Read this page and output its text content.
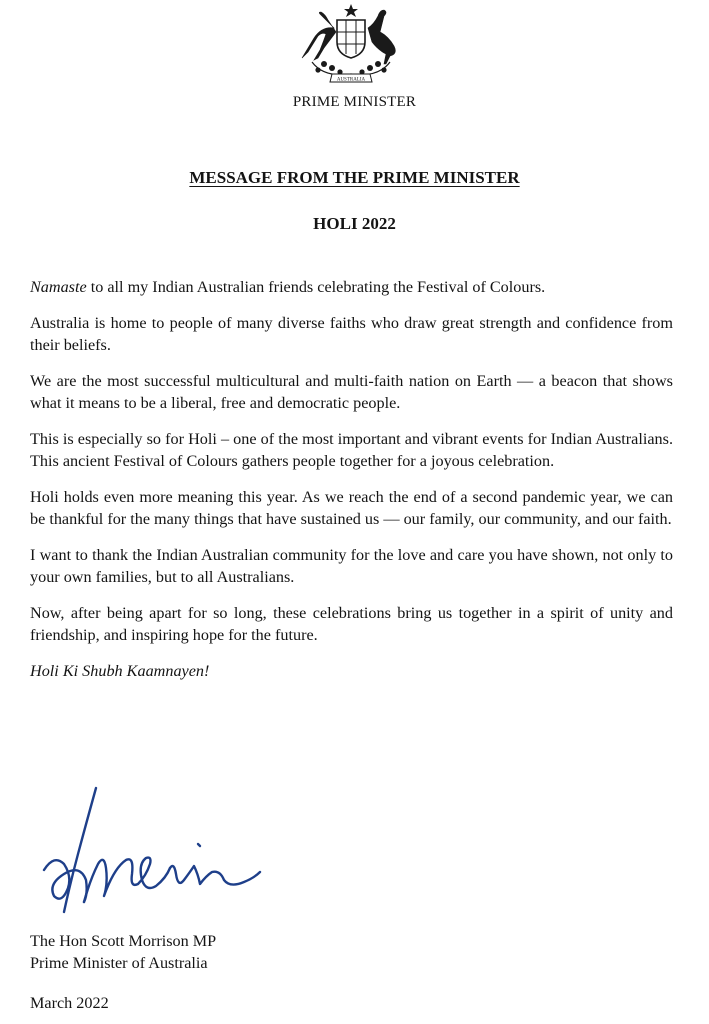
AUSTRALIA
PRIME MINISTER
MESSAGE FROM THE PRIME MINISTER
HOLI 2022

Namaste to all my Indian Australian friends celebrating the Festival of Colours.

Australia is home to people of many diverse faiths who draw great strength and confidence from their beliefs.

We are the most successful multicultural and multi-faith nation on Earth — a beacon that shows what it means to be a liberal, free and democratic people.

This is especially so for Holi – one of the most important and vibrant events for Indian Australians. This ancient Festival of Colours gathers people together for a joyous celebration.

Holi holds even more meaning this year. As we reach the end of a second pandemic year, we can be thankful for the many things that have sustained us — our family, our community, and our faith.

I want to thank the Indian Australian community for the love and care you have shown, not only to your own families, but to all Australians.

Now, after being apart for so long, these celebrations bring us together in a spirit of unity and friendship, and inspiring hope for the future.

Holi Ki Shubh Kaamnayen!

The Hon Scott Morrison MP
Prime Minister of Australia
March 2022
